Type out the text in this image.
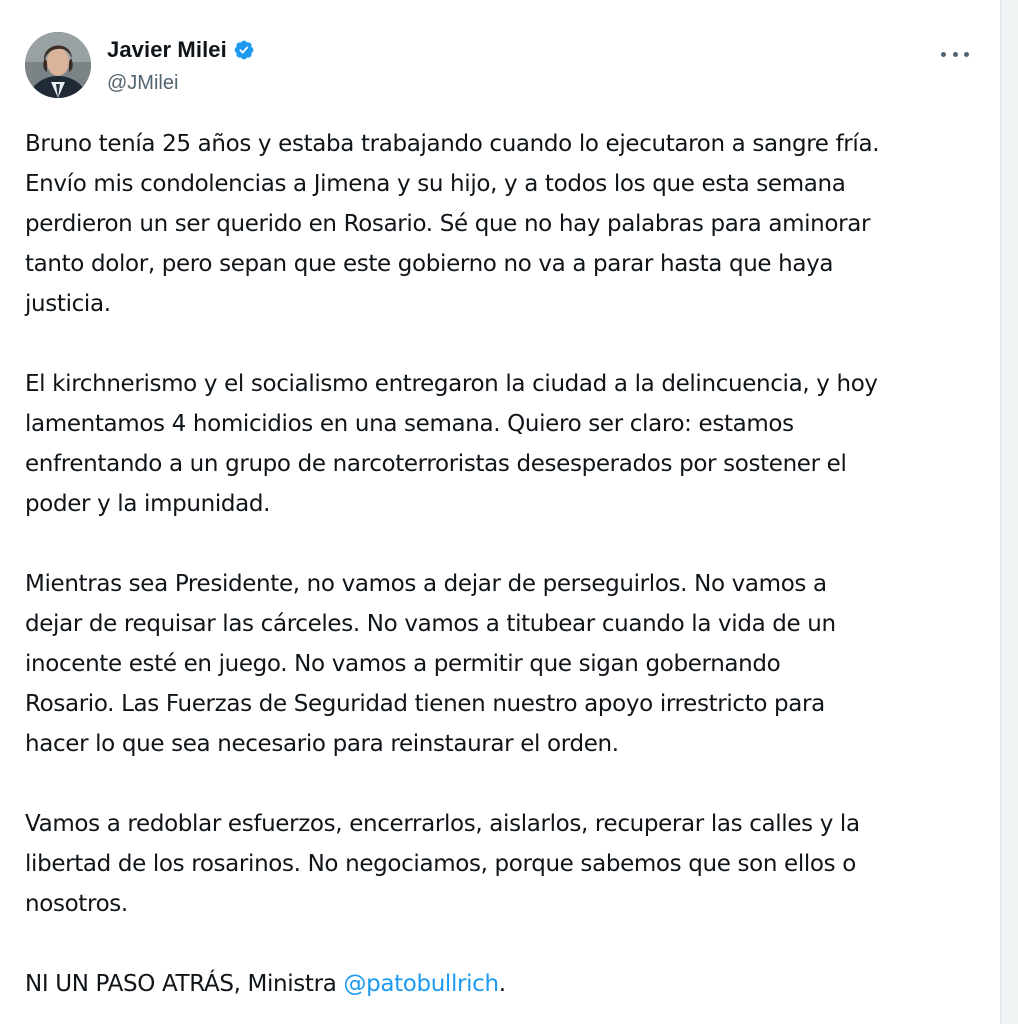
Javier Milei
@JMilei

Bruno tenía 25 años y estaba trabajando cuando lo ejecutaron a sangre fría.
Envío mis condolencias a Jimena y su hijo, y a todos los que esta semana
perdieron un ser querido en Rosario. Sé que no hay palabras para aminorar
tanto dolor, pero sepan que este gobierno no va a parar hasta que haya
justicia.

El kirchnerismo y el socialismo entregaron la ciudad a la delincuencia, y hoy
lamentamos 4 homicidios en una semana. Quiero ser claro: estamos
enfrentando a un grupo de narcoterroristas desesperados por sostener el
poder y la impunidad.

Mientras sea Presidente, no vamos a dejar de perseguirlos. No vamos a
dejar de requisar las cárceles. No vamos a titubear cuando la vida de un
inocente esté en juego. No vamos a permitir que sigan gobernando
Rosario. Las Fuerzas de Seguridad tienen nuestro apoyo irrestricto para
hacer lo que sea necesario para reinstaurar el orden.

Vamos a redoblar esfuerzos, encerrarlos, aislarlos, recuperar las calles y la
libertad de los rosarinos. No negociamos, porque sabemos que son ellos o
nosotros.

NI UN PASO ATRÁS, Ministra @patobullrich.
